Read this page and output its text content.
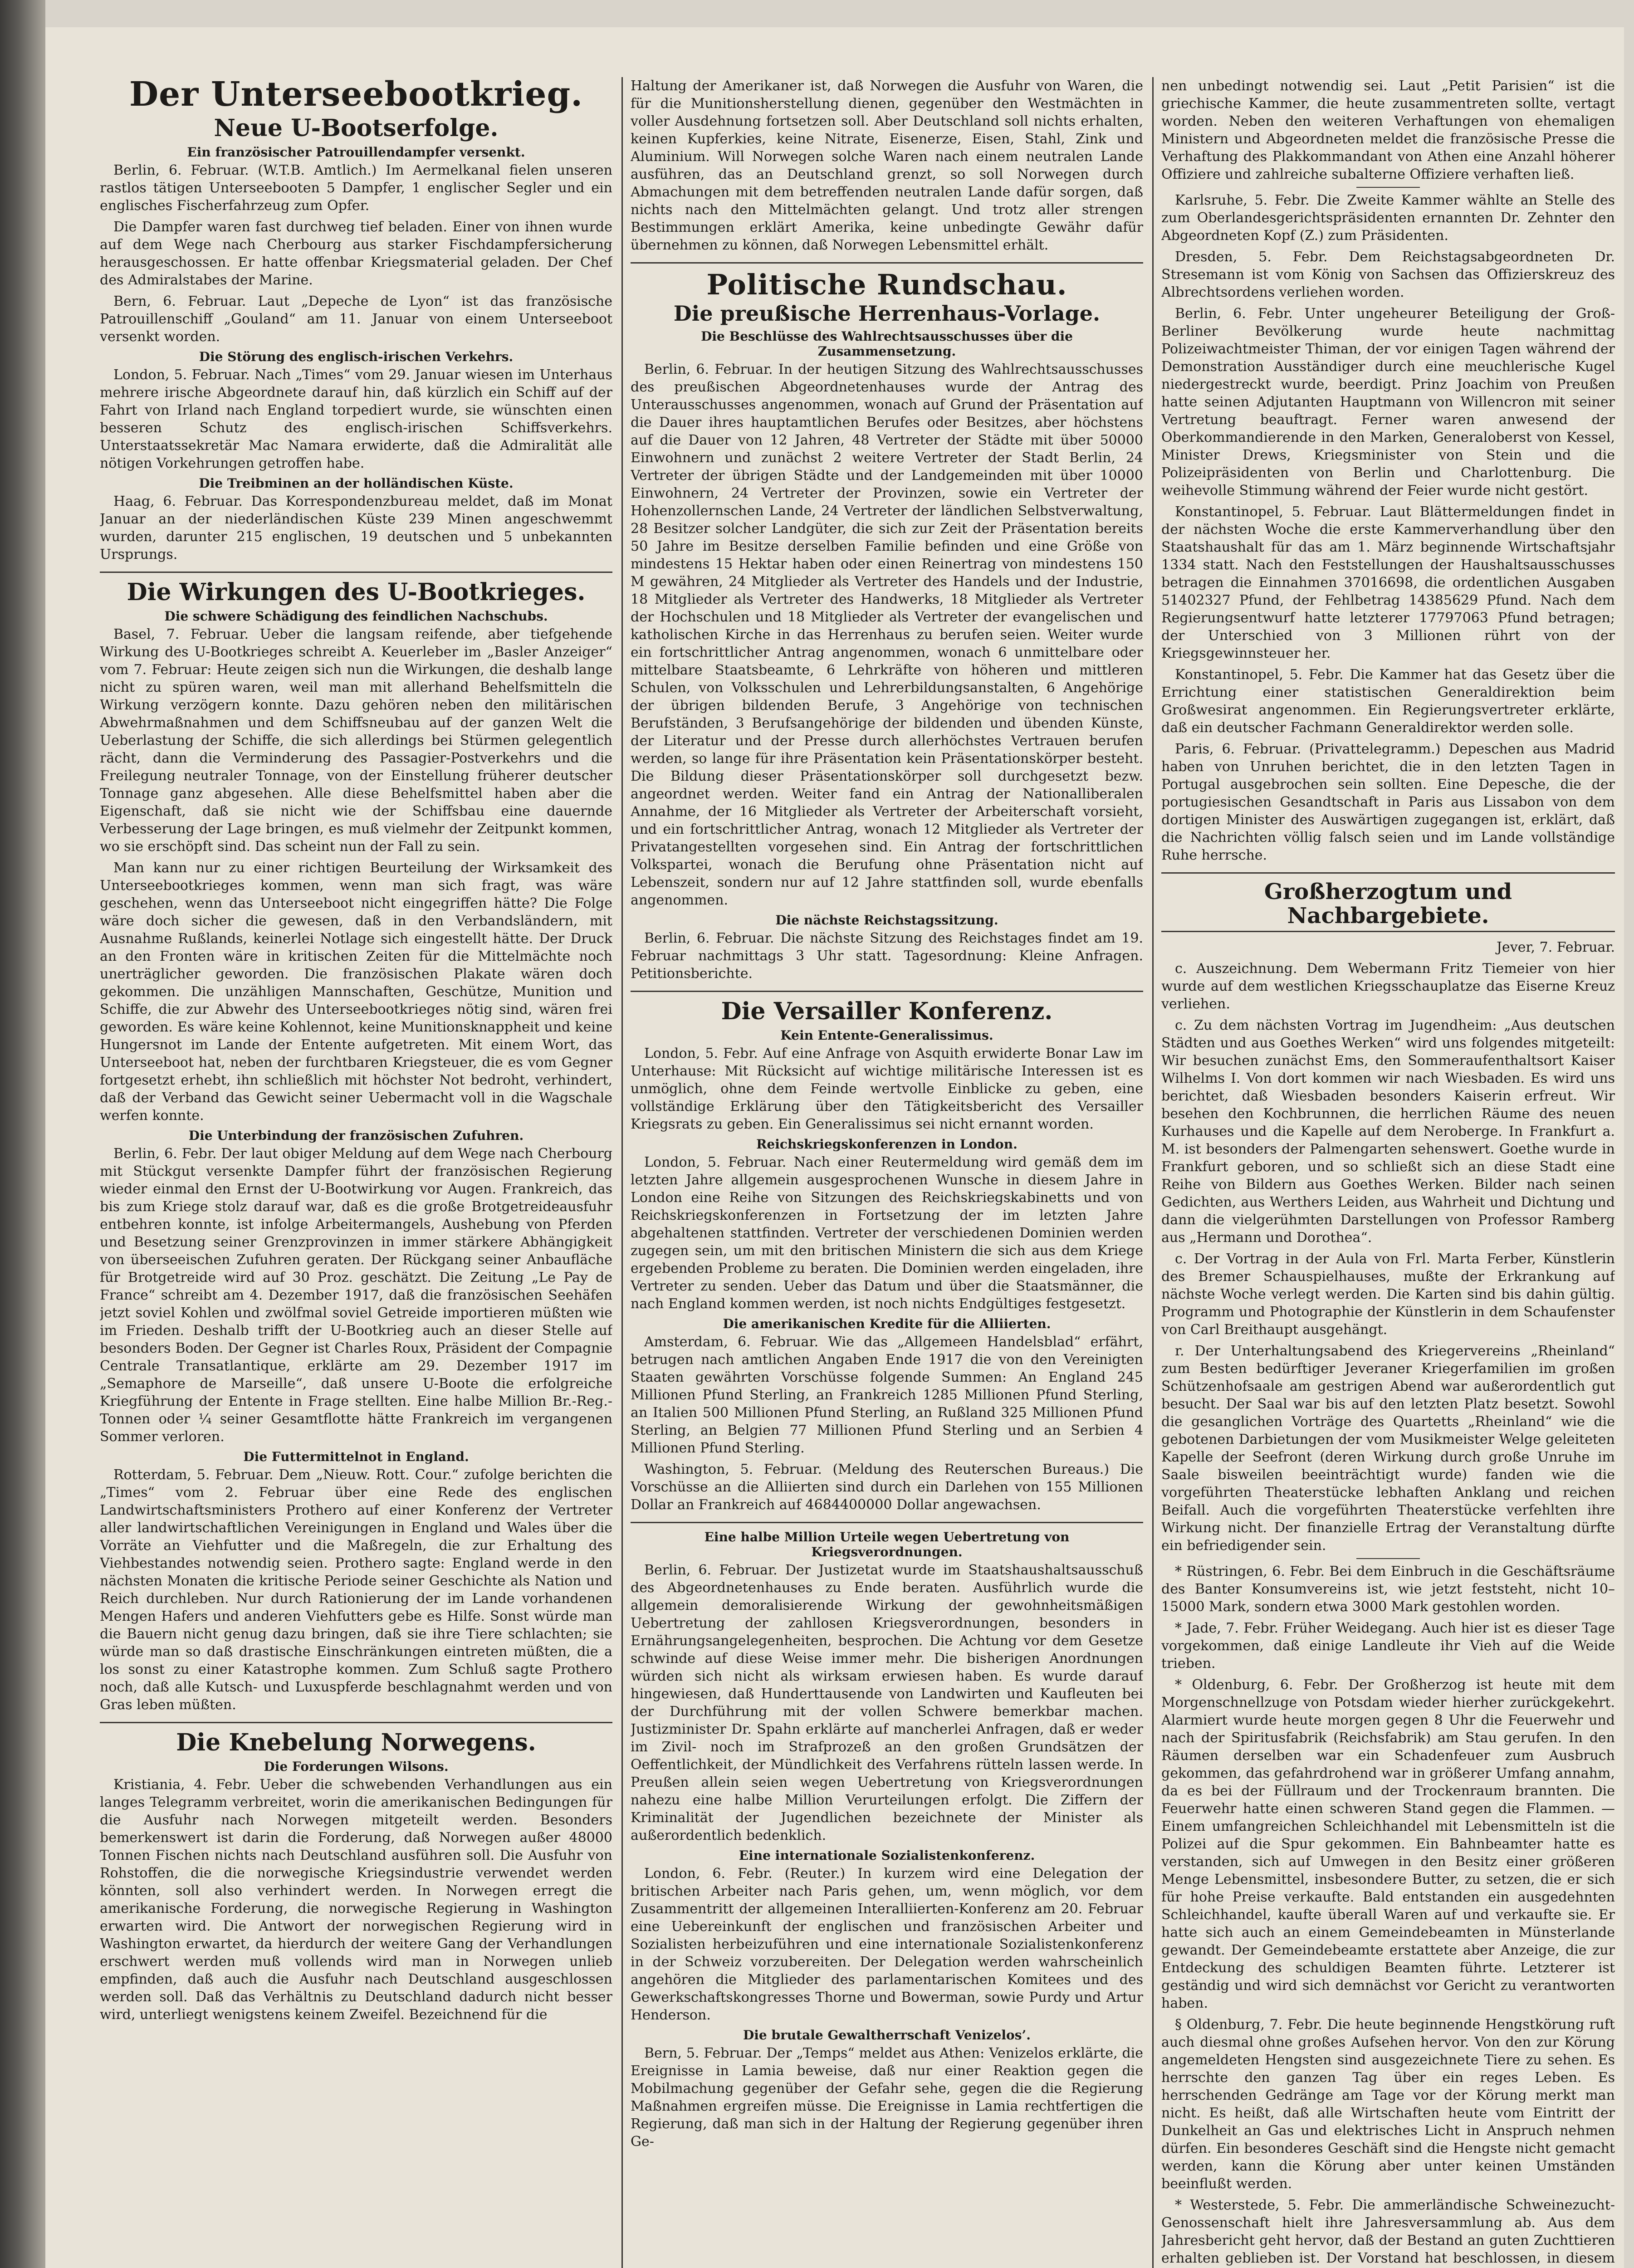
Der Unterseebootkrieg.
Neue U-Bootserfolge.
Ein französischer Patrouillendampfer versenkt.

Berlin, 6. Februar. (W.T.B. Amtlich.) Im Aermelkanal fielen unseren rastlos tätigen Unterseebooten 5 Dampfer, 1 englischer Segler und ein englisches Fischerfahrzeug zum Opfer.

Die Dampfer waren fast durchweg tief beladen. Einer von ihnen wurde auf dem Wege nach Cherbourg aus starker Fischdampfersicherung herausgeschossen. Er hatte offenbar Kriegsmaterial geladen. Der Chef des Admiralstabes der Marine.

Bern, 6. Februar. Laut „Depeche de Lyon“ ist das französische Patrouillenschiff „Gouland“ am 11. Januar von einem Unterseeboot versenkt worden.

Die Störung des englisch-irischen Verkehrs.

London, 5. Februar. Nach „Times“ vom 29. Januar wiesen im Unterhaus mehrere irische Abgeordnete darauf hin, daß kürzlich ein Schiff auf der Fahrt von Irland nach England torpediert wurde, sie wünschten einen besseren Schutz des englisch-irischen Schiffsverkehrs. Unterstaatssekretär Mac Namara erwiderte, daß die Admiralität alle nötigen Vorkehrungen getroffen habe.

Die Treibminen an der holländischen Küste.

Haag, 6. Februar. Das Korrespondenzbureau meldet, daß im Monat Januar an der niederländischen Küste 239 Minen angeschwemmt wurden, darunter 215 englischen, 19 deutschen und 5 unbekannten Ursprungs.

Die Wirkungen des U-Bootkrieges.
Die schwere Schädigung des feindlichen Nachschubs.

Basel, 7. Februar. Ueber die langsam reifende, aber tiefgehende Wirkung des U-Bootkrieges schreibt A. Keuerleber im „Basler Anzeiger“ vom 7. Februar: Heute zeigen sich nun die Wirkungen, die deshalb lange nicht zu spüren waren, weil man mit allerhand Behelfsmitteln die Wirkung verzögern konnte. Dazu gehören neben den militärischen Abwehrmaßnahmen und dem Schiffsneubau auf der ganzen Welt die Ueberlastung der Schiffe, die sich allerdings bei Stürmen gelegentlich rächt, dann die Verminderung des Passagier-Postverkehrs und die Freilegung neutraler Tonnage, von der Einstellung früherer deutscher Tonnage ganz abgesehen. Alle diese Behelfsmittel haben aber die Eigenschaft, daß sie nicht wie der Schiffsbau eine dauernde Verbesserung der Lage bringen, es muß vielmehr der Zeitpunkt kommen, wo sie erschöpft sind. Das scheint nun der Fall zu sein.

Man kann nur zu einer richtigen Beurteilung der Wirksamkeit des Unterseebootkrieges kommen, wenn man sich fragt, was wäre geschehen, wenn das Unterseeboot nicht eingegriffen hätte? Die Folge wäre doch sicher die gewesen, daß in den Verbandsländern, mit Ausnahme Rußlands, keinerlei Notlage sich eingestellt hätte. Der Druck an den Fronten wäre in kritischen Zeiten für die Mittelmächte noch unerträglicher geworden. Die französischen Plakate wären doch gekommen. Die unzähligen Mannschaften, Geschütze, Munition und Schiffe, die zur Abwehr des Unterseebootkrieges nötig sind, wären frei geworden. Es wäre keine Kohlennot, keine Munitionsknappheit und keine Hungersnot im Lande der Entente aufgetreten. Mit einem Wort, das Unterseeboot hat, neben der furchtbaren Kriegsteuer, die es vom Gegner fortgesetzt erhebt, ihn schließlich mit höchster Not bedroht, verhindert, daß der Verband das Gewicht seiner Uebermacht voll in die Wagschale werfen konnte.

Die Unterbindung der französischen Zufuhren.

Berlin, 6. Febr. Der laut obiger Meldung auf dem Wege nach Cherbourg mit Stückgut versenkte Dampfer führt der französischen Regierung wieder einmal den Ernst der U-Bootwirkung vor Augen. Frankreich, das bis zum Kriege stolz darauf war, daß es die große Brotgetreideausfuhr entbehren konnte, ist infolge Arbeitermangels, Aushebung von Pferden und Besetzung seiner Grenzprovinzen in immer stärkere Abhängigkeit von überseeischen Zufuhren geraten. Der Rückgang seiner Anbaufläche für Brotgetreide wird auf 30 Proz. geschätzt. Die Zeitung „Le Pay de France“ schreibt am 4. Dezember 1917, daß die französischen Seehäfen jetzt soviel Kohlen und zwölfmal soviel Getreide importieren müßten wie im Frieden. Deshalb trifft der U-Bootkrieg auch an dieser Stelle auf besonders Boden. Der Gegner ist Charles Roux, Präsident der Compagnie Centrale Transatlantique, erklärte am 29. Dezember 1917 im „Semaphore de Marseille“, daß unsere U-Boote die erfolgreiche Kriegführung der Entente in Frage stellten. Eine halbe Million Br.-Reg.-Tonnen oder ¼ seiner Gesamtflotte hätte Frankreich im vergangenen Sommer verloren.

Die Futtermittelnot in England.

Rotterdam, 5. Februar. Dem „Nieuw. Rott. Cour.“ zufolge berichten die „Times“ vom 2. Februar über eine Rede des englischen Landwirtschaftsministers Prothero auf einer Konferenz der Vertreter aller landwirtschaftlichen Vereinigungen in England und Wales über die Vorräte an Viehfutter und die Maßregeln, die zur Erhaltung des Viehbestandes notwendig seien. Prothero sagte: England werde in den nächsten Monaten die kritische Periode seiner Geschichte als Nation und Reich durchleben. Nur durch Rationierung der im Lande vorhandenen Mengen Hafers und anderen Viehfutters gebe es Hilfe. Sonst würde man die Bauern nicht genug dazu bringen, daß sie ihre Tiere schlachten; sie würde man so daß drastische Einschränkungen eintreten müßten, die a los sonst zu einer Katastrophe kommen. Zum Schluß sagte Prothero noch, daß alle Kutsch- und Luxuspferde beschlagnahmt werden und von Gras leben müßten.

Die Knebelung Norwegens.
Die Forderungen Wilsons.

Kristiania, 4. Febr. Ueber die schwebenden Verhandlungen aus ein langes Telegramm verbreitet, worin die amerikanischen Bedingungen für die Ausfuhr nach Norwegen mitgeteilt werden. Besonders bemerkenswert ist darin die Forderung, daß Norwegen außer 48000 Tonnen Fischen nichts nach Deutschland ausführen soll. Die Ausfuhr von Rohstoffen, die die norwegische Kriegsindustrie verwendet werden könnten, soll also verhindert werden. In Norwegen erregt die amerikanische Forderung, die norwegische Regierung in Washington erwarten wird. Die Antwort der norwegischen Regierung wird in Washington erwartet, da hierdurch der weitere Gang der Verhandlungen erschwert werden muß vollends wird man in Norwegen unlieb empfinden, daß auch die Ausfuhr nach Deutschland ausgeschlossen werden soll. Daß das Verhältnis zu Deutschland dadurch nicht besser wird, unterliegt wenigstens keinem Zweifel. Bezeichnend für die

Haltung der Amerikaner ist, daß Norwegen die Ausfuhr von Waren, die für die Munitionsherstellung dienen, gegenüber den Westmächten in voller Ausdehnung fortsetzen soll. Aber Deutschland soll nichts erhalten, keinen Kupferkies, keine Nitrate, Eisenerze, Eisen, Stahl, Zink und Aluminium. Will Norwegen solche Waren nach einem neutralen Lande ausführen, das an Deutschland grenzt, so soll Norwegen durch Abmachungen mit dem betreffenden neutralen Lande dafür sorgen, daß nichts nach den Mittelmächten gelangt. Und trotz aller strengen Bestimmungen erklärt Amerika, keine unbedingte Gewähr dafür übernehmen zu können, daß Norwegen Lebensmittel erhält.

Politische Rundschau.
Die preußische Herrenhaus-Vorlage.
Die Beschlüsse des Wahlrechtsausschusses über die Zusammensetzung.

Berlin, 6. Februar. In der heutigen Sitzung des Wahlrechtsausschusses des preußischen Abgeordnetenhauses wurde der Antrag des Unterausschusses angenommen, wonach auf Grund der Präsentation auf die Dauer ihres hauptamtlichen Berufes oder Besitzes, aber höchstens auf die Dauer von 12 Jahren, 48 Vertreter der Städte mit über 50000 Einwohnern und zunächst 2 weitere Vertreter der Stadt Berlin, 24 Vertreter der übrigen Städte und der Landgemeinden mit über 10000 Einwohnern, 24 Vertreter der Provinzen, sowie ein Vertreter der Hohenzollernschen Lande, 24 Vertreter der ländlichen Selbstverwaltung, 28 Besitzer solcher Landgüter, die sich zur Zeit der Präsentation bereits 50 Jahre im Besitze derselben Familie befinden und eine Größe von mindestens 15 Hektar haben oder einen Reinertrag von mindestens 150 M gewähren, 24 Mitglieder als Vertreter des Handels und der Industrie, 18 Mitglieder als Vertreter des Handwerks, 18 Mitglieder als Vertreter der Hochschulen und 18 Mitglieder als Vertreter der evangelischen und katholischen Kirche in das Herrenhaus zu berufen seien. Weiter wurde ein fortschrittlicher Antrag angenommen, wonach 6 unmittelbare oder mittelbare Staatsbeamte, 6 Lehrkräfte von höheren und mittleren Schulen, von Volksschulen und Lehrerbildungsanstalten, 6 Angehörige der übrigen bildenden Berufe, 3 Angehörige von technischen Berufständen, 3 Berufsangehörige der bildenden und übenden Künste, der Literatur und der Presse durch allerhöchstes Vertrauen berufen werden, so lange für ihre Präsentation kein Präsentationskörper besteht. Die Bildung dieser Präsentationskörper soll durchgesetzt bezw. angeordnet werden. Weiter fand ein Antrag der Nationalliberalen Annahme, der 16 Mitglieder als Vertreter der Arbeiterschaft vorsieht, und ein fortschrittlicher Antrag, wonach 12 Mitglieder als Vertreter der Privatangestellten vorgesehen sind. Ein Antrag der fortschrittlichen Volkspartei, wonach die Berufung ohne Präsentation nicht auf Lebenszeit, sondern nur auf 12 Jahre stattfinden soll, wurde ebenfalls angenommen.

Die nächste Reichstagssitzung.

Berlin, 6. Februar. Die nächste Sitzung des Reichstages findet am 19. Februar nachmittags 3 Uhr statt. Tagesordnung: Kleine Anfragen. Petitionsberichte.

Die Versailler Konferenz.
Kein Entente-Generalissimus.

London, 5. Febr. Auf eine Anfrage von Asquith erwiderte Bonar Law im Unterhause: Mit Rücksicht auf wichtige militärische Interessen ist es unmöglich, ohne dem Feinde wertvolle Einblicke zu geben, eine vollständige Erklärung über den Tätigkeitsbericht des Versailler Kriegsrats zu geben. Ein Generalissimus sei nicht ernannt worden.

Reichskriegskonferenzen in London.

London, 5. Februar. Nach einer Reutermeldung wird gemäß dem im letzten Jahre allgemein ausgesprochenen Wunsche in diesem Jahre in London eine Reihe von Sitzungen des Reichskriegskabinetts und von Reichskriegskonferenzen in Fortsetzung der im letzten Jahre abgehaltenen stattfinden. Vertreter der verschiedenen Dominien werden zugegen sein, um mit den britischen Ministern die sich aus dem Kriege ergebenden Probleme zu beraten. Die Dominien werden eingeladen, ihre Vertreter zu senden. Ueber das Datum und über die Staatsmänner, die nach England kommen werden, ist noch nichts Endgültiges festgesetzt.

Die amerikanischen Kredite für die Alliierten.

Amsterdam, 6. Februar. Wie das „Allgemeen Handelsblad“ erfährt, betrugen nach amtlichen Angaben Ende 1917 die von den Vereinigten Staaten gewährten Vorschüsse folgende Summen: An England 245 Millionen Pfund Sterling, an Frankreich 1285 Millionen Pfund Sterling, an Italien 500 Millionen Pfund Sterling, an Rußland 325 Millionen Pfund Sterling, an Belgien 77 Millionen Pfund Sterling und an Serbien 4 Millionen Pfund Sterling.

Washington, 5. Februar. (Meldung des Reuterschen Bureaus.) Die Vorschüsse an die Alliierten sind durch ein Darlehen von 155 Millionen Dollar an Frankreich auf 4684400000 Dollar angewachsen.

Eine halbe Million Urteile wegen Uebertretung von Kriegsverordnungen.

Berlin, 6. Februar. Der Justizetat wurde im Staatshaushaltsausschuß des Abgeordnetenhauses zu Ende beraten. Ausführlich wurde die allgemein demoralisierende Wirkung der gewohnheitsmäßigen Uebertretung der zahllosen Kriegsverordnungen, besonders in Ernährungsangelegenheiten, besprochen. Die Achtung vor dem Gesetze schwinde auf diese Weise immer mehr. Die bisherigen Anordnungen würden sich nicht als wirksam erwiesen haben. Es wurde darauf hingewiesen, daß Hunderttausende von Landwirten und Kaufleuten bei der Durchführung mit der vollen Schwere bemerkbar machen. Justizminister Dr. Spahn erklärte auf mancherlei Anfragen, daß er weder im Zivil- noch im Strafprozeß an den großen Grundsätzen der Oeffentlichkeit, der Mündlichkeit des Verfahrens rütteln lassen werde. In Preußen allein seien wegen Uebertretung von Kriegsverordnungen nahezu eine halbe Million Verurteilungen erfolgt. Die Ziffern der Kriminalität der Jugendlichen bezeichnete der Minister als außerordentlich bedenklich.

Eine internationale Sozialistenkonferenz.

London, 6. Febr. (Reuter.) In kurzem wird eine Delegation der britischen Arbeiter nach Paris gehen, um, wenn möglich, vor dem Zusammentritt der allgemeinen Interalliierten-Konferenz am 20. Februar eine Uebereinkunft der englischen und französischen Arbeiter und Sozialisten herbeizuführen und eine internationale Sozialistenkonferenz in der Schweiz vorzubereiten. Der Delegation werden wahrscheinlich angehören die Mitglieder des parlamentarischen Komitees und des Gewerkschaftskongresses Thorne und Bowerman, sowie Purdy und Artur Henderson.

Die brutale Gewaltherrschaft Venizelos’.

Bern, 5. Februar. Der „Temps“ meldet aus Athen: Venizelos erklärte, die Ereignisse in Lamia beweise, daß nur einer Reaktion gegen die Mobilmachung gegenüber der Gefahr sehe, gegen die die Regierung Maßnahmen ergreifen müsse. Die Ereignisse in Lamia rechtfertigen die Regierung, daß man sich in der Haltung der Regierung gegenüber ihren Ge-

nen unbedingt notwendig sei. Laut „Petit Parisien“ ist die griechische Kammer, die heute zusammentreten sollte, vertagt worden. Neben den weiteren Verhaftungen von ehemaligen Ministern und Abgeordneten meldet die französische Presse die Verhaftung des Plakkommandant von Athen eine Anzahl höherer Offiziere und zahlreiche subalterne Offiziere verhaften ließ.

Karlsruhe, 5. Febr. Die Zweite Kammer wählte an Stelle des zum Oberlandesgerichtspräsidenten ernannten Dr. Zehnter den Abgeordneten Kopf (Z.) zum Präsidenten.

Dresden, 5. Febr. Dem Reichstagsabgeordneten Dr. Stresemann ist vom König von Sachsen das Offizierskreuz des Albrechtsordens verliehen worden.

Berlin, 6. Febr. Unter ungeheurer Beteiligung der Groß-Berliner Bevölkerung wurde heute nachmittag Polizeiwachtmeister Thiman, der vor einigen Tagen während der Demonstration Ausständiger durch eine meuchlerische Kugel niedergestreckt wurde, beerdigt. Prinz Joachim von Preußen hatte seinen Adjutanten Hauptmann von Willencron mit seiner Vertretung beauftragt. Ferner waren anwesend der Oberkommandierende in den Marken, Generaloberst von Kessel, Minister Drews, Kriegsminister von Stein und die Polizeipräsidenten von Berlin und Charlottenburg. Die weihevolle Stimmung während der Feier wurde nicht gestört.

Konstantinopel, 5. Februar. Laut Blättermeldungen findet in der nächsten Woche die erste Kammerverhandlung über den Staatshaushalt für das am 1. März beginnende Wirtschaftsjahr 1334 statt. Nach den Feststellungen der Haushaltsausschusses betragen die Einnahmen 37016698, die ordentlichen Ausgaben 51402327 Pfund, der Fehlbetrag 14385629 Pfund. Nach dem Regierungsentwurf hatte letzterer 17797063 Pfund betragen; der Unterschied von 3 Millionen rührt von der Kriegsgewinnsteuer her.

Konstantinopel, 5. Febr. Die Kammer hat das Gesetz über die Errichtung einer statistischen Generaldirektion beim Großwesirat angenommen. Ein Regierungsvertreter erklärte, daß ein deutscher Fachmann Generaldirektor werden solle.

Paris, 6. Februar. (Privattelegramm.) Depeschen aus Madrid haben von Unruhen berichtet, die in den letzten Tagen in Portugal ausgebrochen sein sollten. Eine Depesche, die der portugiesischen Gesandtschaft in Paris aus Lissabon von dem dortigen Minister des Auswärtigen zugegangen ist, erklärt, daß die Nachrichten völlig falsch seien und im Lande vollständige Ruhe herrsche.

Großherzogtum und Nachbargebiete.

Jever, 7. Februar.

c. Auszeichnung. Dem Webermann Fritz Tiemeier von hier wurde auf dem westlichen Kriegsschauplatze das Eiserne Kreuz verliehen.

c. Zu dem nächsten Vortrag im Jugendheim: „Aus deutschen Städten und aus Goethes Werken“ wird uns folgendes mitgeteilt: Wir besuchen zunächst Ems, den Sommeraufenthaltsort Kaiser Wilhelms I. Von dort kommen wir nach Wiesbaden. Es wird uns berichtet, daß Wiesbaden besonders Kaiserin erfreut. Wir besehen den Kochbrunnen, die herrlichen Räume des neuen Kurhauses und die Kapelle auf dem Nerobergе. In Frankfurt a. M. ist besonders der Palmengarten sehenswert. Goethe wurde in Frankfurt geboren, und so schließt sich an diese Stadt eine Reihe von Bildern aus Goethes Werken. Bilder nach seinen Gedichten, aus Werthers Leiden, aus Wahrheit und Dichtung und dann die vielgerühmten Darstellungen von Professor Ramberg aus „Hermann und Dorothea“.

c. Der Vortrag in der Aula von Frl. Marta Ferber, Künstlerin des Bremer Schauspielhauses, mußte der Erkrankung auf nächste Woche verlegt werden. Die Karten sind bis dahin gültig. Programm und Photographie der Künstlerin in dem Schaufenster von Carl Breithaupt ausgehängt.

r. Der Unterhaltungsabend des Kriegervereins „Rheinland“ zum Besten bedürftiger Jeveraner Kriegerfamilien im großen Schützenhofsaale am gestrigen Abend war außerordentlich gut besucht. Der Saal war bis auf den letzten Platz besetzt. Sowohl die gesanglichen Vorträge des Quartetts „Rheinland“ wie die gebotenen Darbietungen der vom Musikmeister Welge geleiteten Kapelle der Seefront (deren Wirkung durch große Unruhe im Saale bisweilen beeinträchtigt wurde) fanden wie die vorgeführten Theaterstücke lebhaften Anklang und reichen Beifall. Auch die vorgeführten Theaterstücke verfehlten ihre Wirkung nicht. Der finanzielle Ertrag der Veranstaltung dürfte ein befriedigender sein.

* Rüstringen, 6. Febr. Bei dem Einbruch in die Geschäftsräume des Banter Konsumvereins ist, wie jetzt feststeht, nicht 10–15000 Mark, sondern etwa 3000 Mark gestohlen worden.

* Jade, 7. Febr. Früher Weidegang. Auch hier ist es dieser Tage vorgekommen, daß einige Landleute ihr Vieh auf die Weide trieben.

* Oldenburg, 6. Febr. Der Großherzog ist heute mit dem Morgenschnellzuge von Potsdam wieder hierher zurückgekehrt. Alarmiert wurde heute morgen gegen 8 Uhr die Feuerwehr und nach der Spiritusfabrik (Reichsfabrik) am Stau gerufen. In den Räumen derselben war ein Schadenfeuer zum Ausbruch gekommen, das gefahrdrohend war in größerer Umfang annahm, da es bei der Füllraum und der Trockenraum brannten. Die Feuerwehr hatte einen schweren Stand gegen die Flammen. — Einem umfangreichen Schleichhandel mit Lebensmitteln ist die Polizei auf die Spur gekommen. Ein Bahnbeamter hatte es verstanden, sich auf Umwegen in den Besitz einer größeren Menge Lebensmittel, insbesondere Butter, zu setzen, die er sich für hohe Preise verkaufte. Bald entstanden ein ausgedehnten Schleichhandel, kaufte überall Waren auf und verkaufte sie. Er hatte sich auch an einem Gemeindebeamten in Münsterlande gewandt. Der Gemeindebeamte erstattete aber Anzeige, die zur Entdeckung des schuldigen Beamten führte. Letzterer ist geständig und wird sich demnächst vor Gericht zu verantworten haben.

§ Oldenburg, 7. Febr. Die heute beginnende Hengstkörung ruft auch diesmal ohne großes Aufsehen hervor. Von den zur Körung angemeldeten Hengsten sind ausgezeichnete Tiere zu sehen. Es herrschte den ganzen Tag über ein reges Leben. Es herrschenden Gedränge am Tage vor der Körung merkt man nicht. Es heißt, daß alle Wirtschaften heute vom Eintritt der Dunkelheit an Gas und elektrisches Licht in Anspruch nehmen dürfen. Ein besonderes Geschäft sind die Hengste nicht gemacht werden, kann die Körung aber unter keinen Umständen beeinflußt werden.

* Westerstede, 5. Febr. Die ammerländische Schweinezucht-Genossenschaft hielt ihre Jahresversammlung ab. Aus dem Jahresbericht geht hervor, daß der Bestand an guten Zuchttieren erhalten geblieben ist. Der Vorstand hat beschlossen, in diesem
